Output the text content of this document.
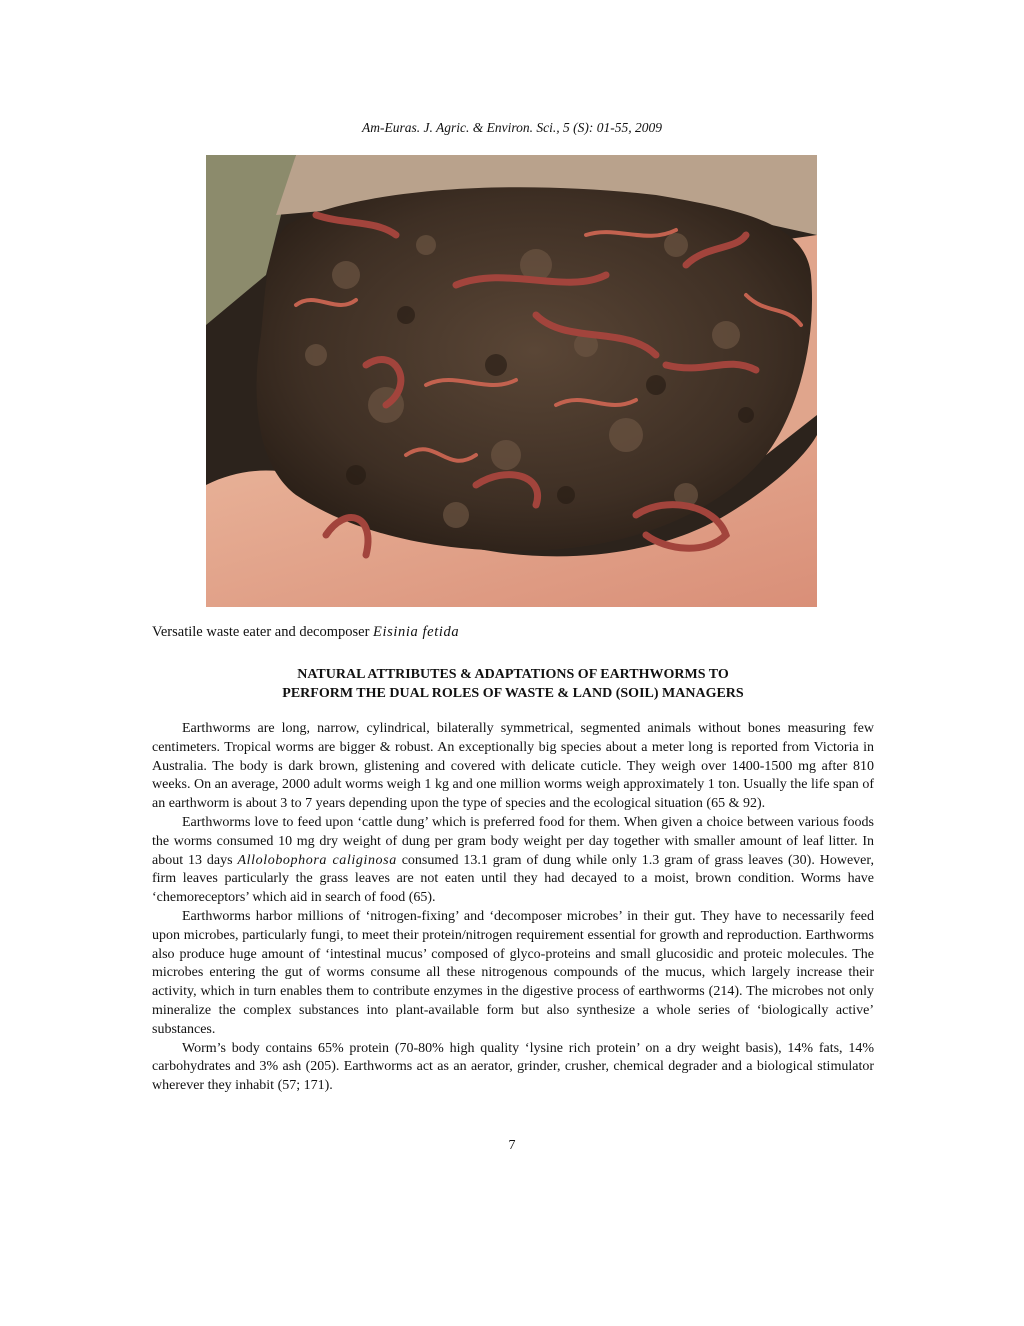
Am-Euras. J. Agric. & Environ. Sci., 5 (S): 01-55, 2009
Versatile waste eater and decomposer Eisinia fetida
NATURAL ATTRIBUTES & ADAPTATIONS OF EARTHWORMS TO
PERFORM THE DUAL ROLES OF WASTE & LAND (SOIL) MANAGERS

Earthworms are long, narrow, cylindrical, bilaterally symmetrical, segmented animals without bones measuring few centimeters. Tropical worms are bigger & robust. An exceptionally big species about a meter long is reported from Victoria in Australia. The body is dark brown, glistening and covered with delicate cuticle. They weigh over 1400-1500 mg after 810 weeks. On an average, 2000 adult worms weigh 1 kg and one million worms weigh approximately 1 ton. Usually the life span of an earthworm is about 3 to 7 years depending upon the type of species and the ecological situation (65 & 92).

Earthworms love to feed upon ‘cattle dung’ which is preferred food for them. When given a choice between various foods the worms consumed 10 mg dry weight of dung per gram body weight per day together with smaller amount of leaf litter. In about 13 days Allolobophora caliginosa consumed 13.1 gram of dung while only 1.3 gram of grass leaves (30). However, firm leaves particularly the grass leaves are not eaten until they had decayed to a moist, brown condition. Worms have ‘chemoreceptors’ which aid in search of food (65).

Earthworms harbor millions of ‘nitrogen-fixing’ and ‘decomposer microbes’ in their gut. They have to necessarily feed upon microbes, particularly fungi, to meet their protein/nitrogen requirement essential for growth and reproduction. Earthworms also produce huge amount of ‘intestinal mucus’ composed of glyco-proteins and small glucosidic and proteic molecules. The microbes entering the gut of worms consume all these nitrogenous compounds of the mucus, which largely increase their activity, which in turn enables them to contribute enzymes in the digestive process of earthworms (214). The microbes not only mineralize the complex substances into plant-available form but also synthesize a whole series of ‘biologically active’ substances.

Worm’s body contains 65% protein (70-80% high quality ‘lysine rich protein’ on a dry weight basis), 14% fats, 14% carbohydrates and 3% ash (205). Earthworms act as an aerator, grinder, crusher, chemical degrader and a biological stimulator wherever they inhabit (57; 171).

7
